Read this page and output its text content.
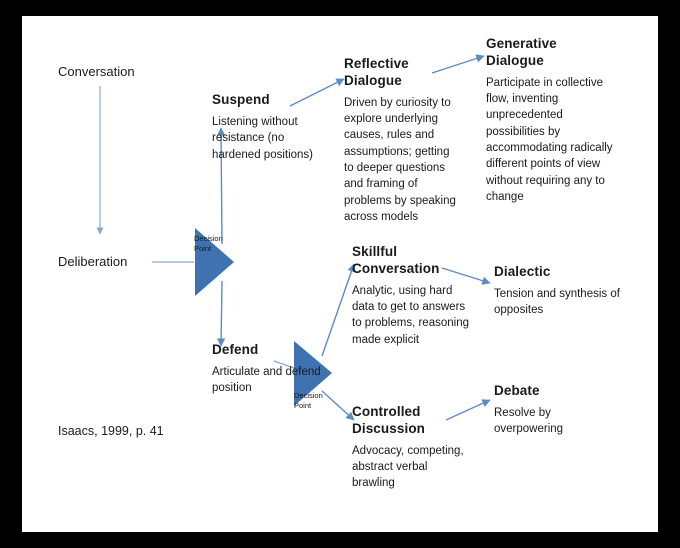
Conversation
Deliberation
Decision Point
Decision Point
Suspend
Listening without resistance (no hardened positions)
Defend
Articulate and defend position
Reflective Dialogue
Driven by curiosity to explore underlying causes, rules and assumptions; getting to deeper questions and framing of problems by speaking across models
Generative Dialogue
Participate in collective flow, inventing unprecedented possibilities by accommodating radically different points of view without requiring any to change
Skillful Conversation
Analytic, using hard data to get to answers to problems, reasoning made explicit
Dialectic
Tension and synthesis of opposites
Controlled Discussion
Advocacy, competing, abstract verbal brawling
Debate
Resolve by overpowering
Isaacs, 1999, p. 41
